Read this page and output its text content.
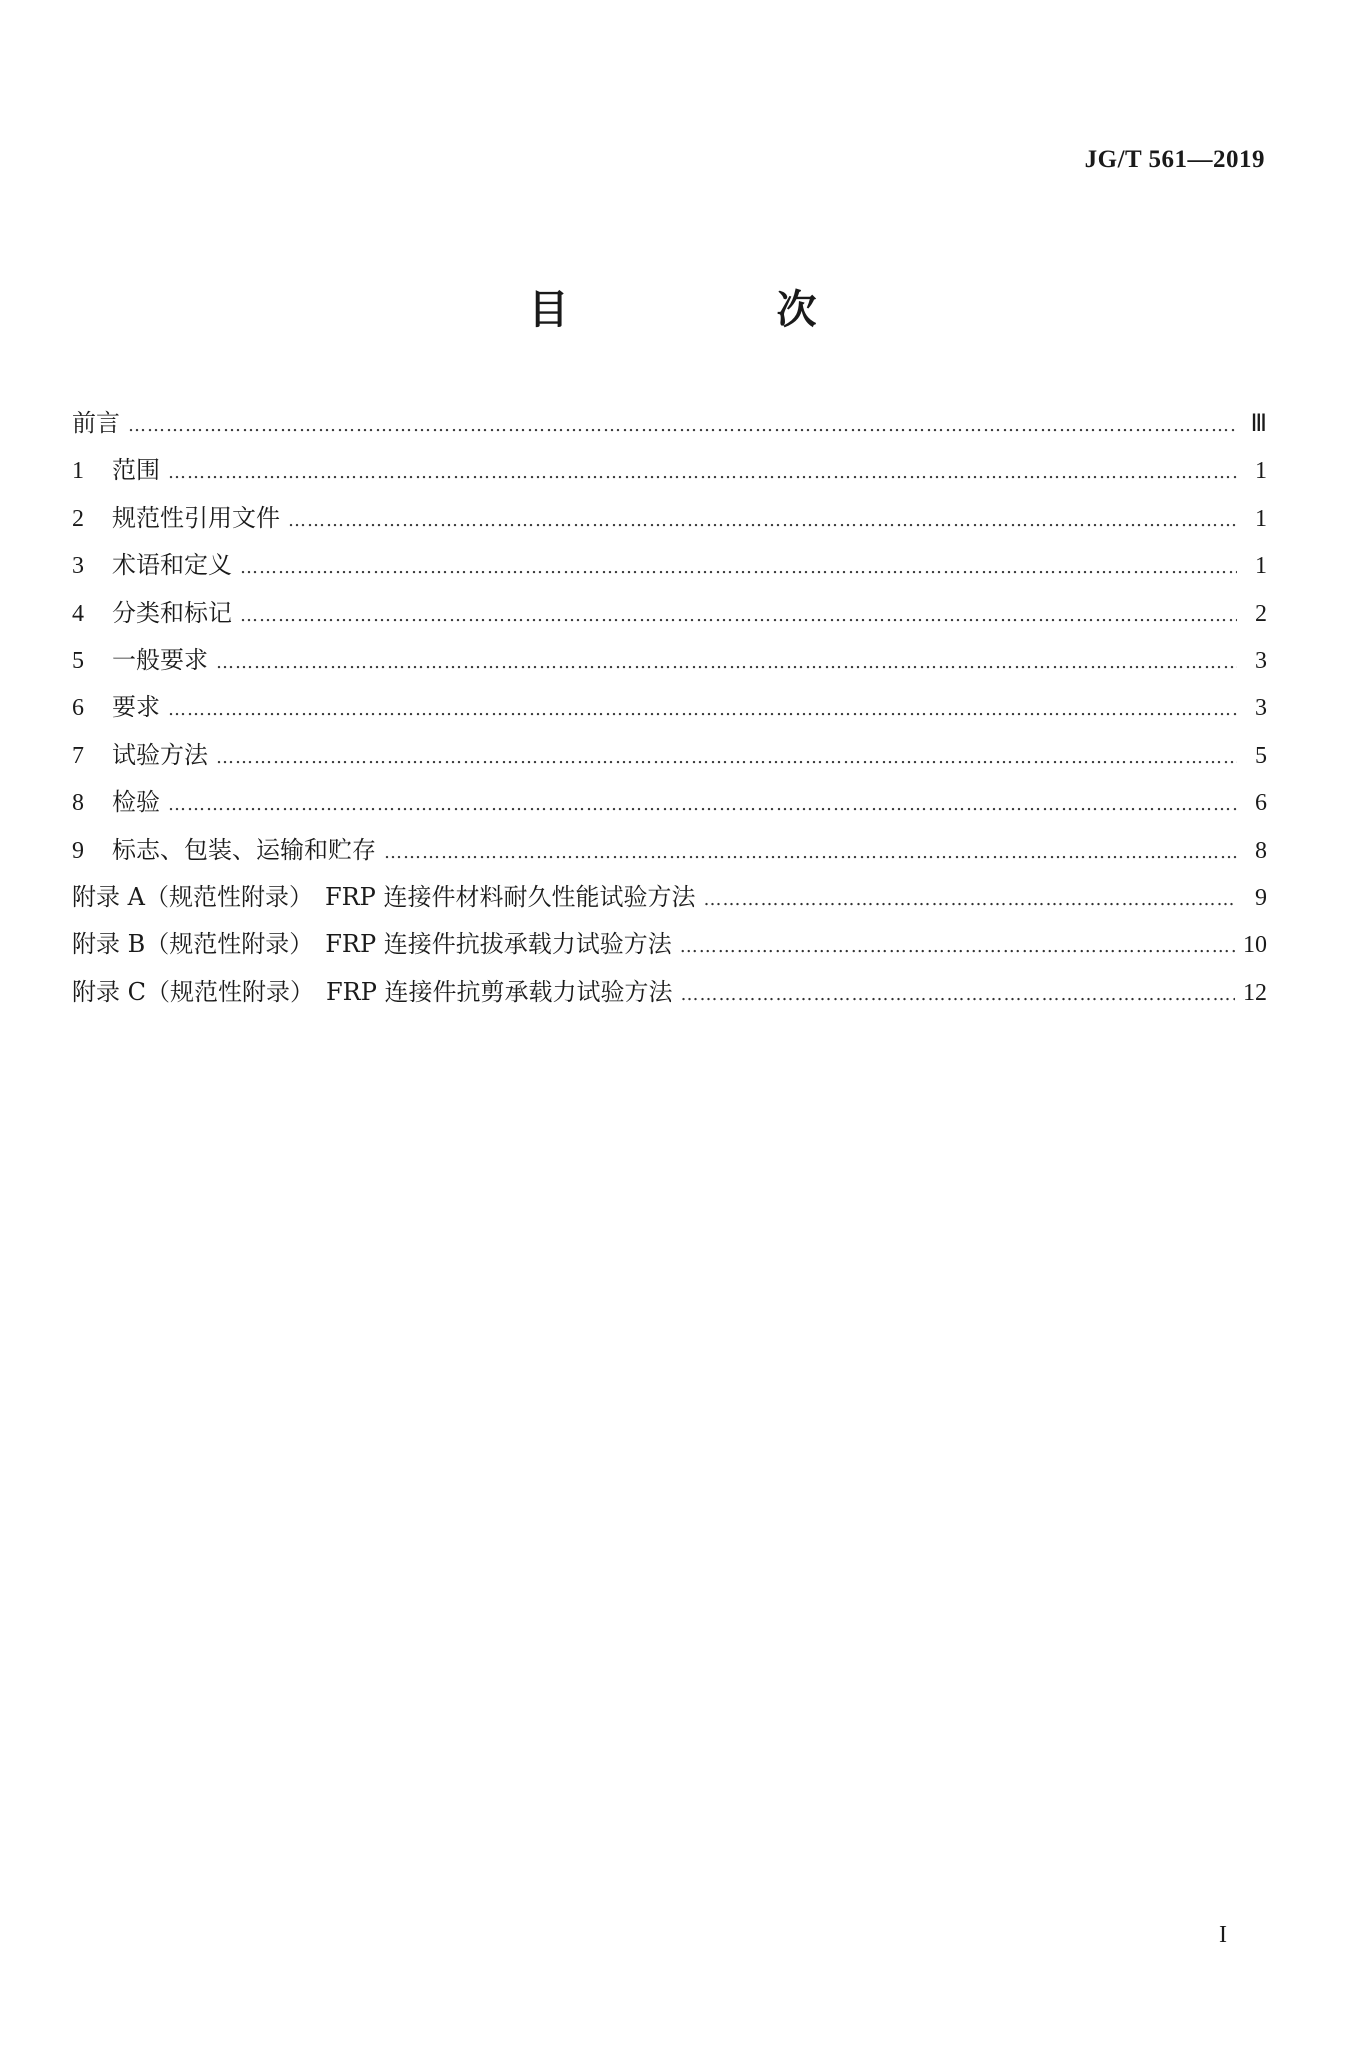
JG/T 561—2019
目　次
前言 ……………………………………………………………………………………………………………………………………………………………………………………………………………………………………………	Ⅲ
1	范围 ……………………………………………………………………………………………………………………………………………………………………………………………………………………………………………	1
2	规范性引用文件 ……………………………………………………………………………………………………………………………………………………………………………………………………………………………………………	1
3	术语和定义 ……………………………………………………………………………………………………………………………………………………………………………………………………………………………………………	1
4	分类和标记 ……………………………………………………………………………………………………………………………………………………………………………………………………………………………………………	2
5	一般要求 ……………………………………………………………………………………………………………………………………………………………………………………………………………………………………………	3
6	要求 ……………………………………………………………………………………………………………………………………………………………………………………………………………………………………………	3
7	试验方法 ……………………………………………………………………………………………………………………………………………………………………………………………………………………………………………	5
8	检验 ……………………………………………………………………………………………………………………………………………………………………………………………………………………………………………	6
9	标志、包装、运输和贮存 ……………………………………………………………………………………………………………………………………………………………………………………………………………………………………………	8
附录 A（规范性附录）　FRP 连接件材料耐久性能试验方法 ……………………………………………………………………………………………………………………………………………………………………………………………………………………………………………	9
附录 B（规范性附录）　FRP 连接件抗拔承载力试验方法 ……………………………………………………………………………………………………………………………………………………………………………………………………………………………………………	10
附录 C（规范性附录）　FRP 连接件抗剪承载力试验方法 ……………………………………………………………………………………………………………………………………………………………………………………………………………………………………………	12
I
